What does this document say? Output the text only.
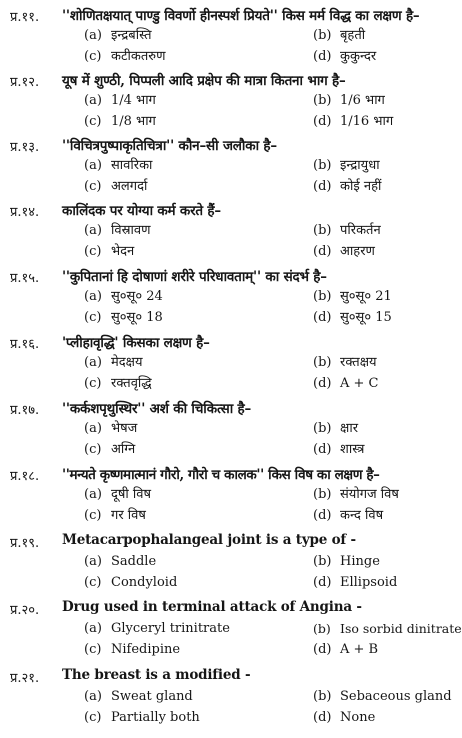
प्र.११. ''शोणितक्षयात् पाण्डु विवर्णो हीनस्पर्श प्रियते'' किस मर्म विद्ध का लक्षण है–
(a) इन्द्रबस्ति	(b) बृहती
(c) कटीकतरुण	(d) कुकुन्दर
प्र.१२. यूष में शुण्ठी, पिप्पली आदि प्रक्षेप की मात्रा कितना भाग है–
(a) 1/4 भाग	(b) 1/6 भाग
(c) 1/8 भाग	(d) 1/16 भाग
प्र.१३. ''विचित्रपुष्पाकृतिचित्रा'' कौन–सी जलौका है–
(a) सावरिका	(b) इन्द्रायुधा
(c) अलगर्दा	(d) कोई नहीं
प्र.१४. कालिंदक पर योग्या कर्म करते हैं–
(a) विस्रावण	(b) परिकर्तन
(c) भेदन	(d) आहरण
प्र.१५. ''कुपितानां हि दोषाणां शरीरे परिधावताम्'' का संदर्भ है–
(a) सु०सू० 24	(b) सु०सू० 21
(c) सु०सू० 18	(d) सु०सू० 15
प्र.१६. 'प्लीहावृद्धि' किसका लक्षण है–
(a) मेदक्षय	(b) रक्तक्षय
(c) रक्तवृद्धि	(d) A + C
प्र.१७. ''कर्कशपृथुस्थिर'' अर्श की चिकित्सा है–
(a) भेषज	(b) क्षार
(c) अग्नि	(d) शास्त्र
प्र.१८. ''मन्यते कृष्णमात्मानं गौरो, गौरो च कालक'' किस विष का लक्षण है–
(a) दूषी विष	(b) संयोगज विष
(c) गर विष	(d) कन्द विष
प्र.१९. Metacarpophalangeal joint is a type of -
(a) Saddle	(b) Hinge
(c) Condyloid	(d) Ellipsoid
प्र.२०. Drug used in terminal attack of Angina -
(a) Glyceryl trinitrate	(b) Iso sorbid dinitrate
(c) Nifedipine	(d) A + B
प्र.२१. The breast is a modified -
(a) Sweat gland	(b) Sebaceous gland
(c) Partially both	(d) None
